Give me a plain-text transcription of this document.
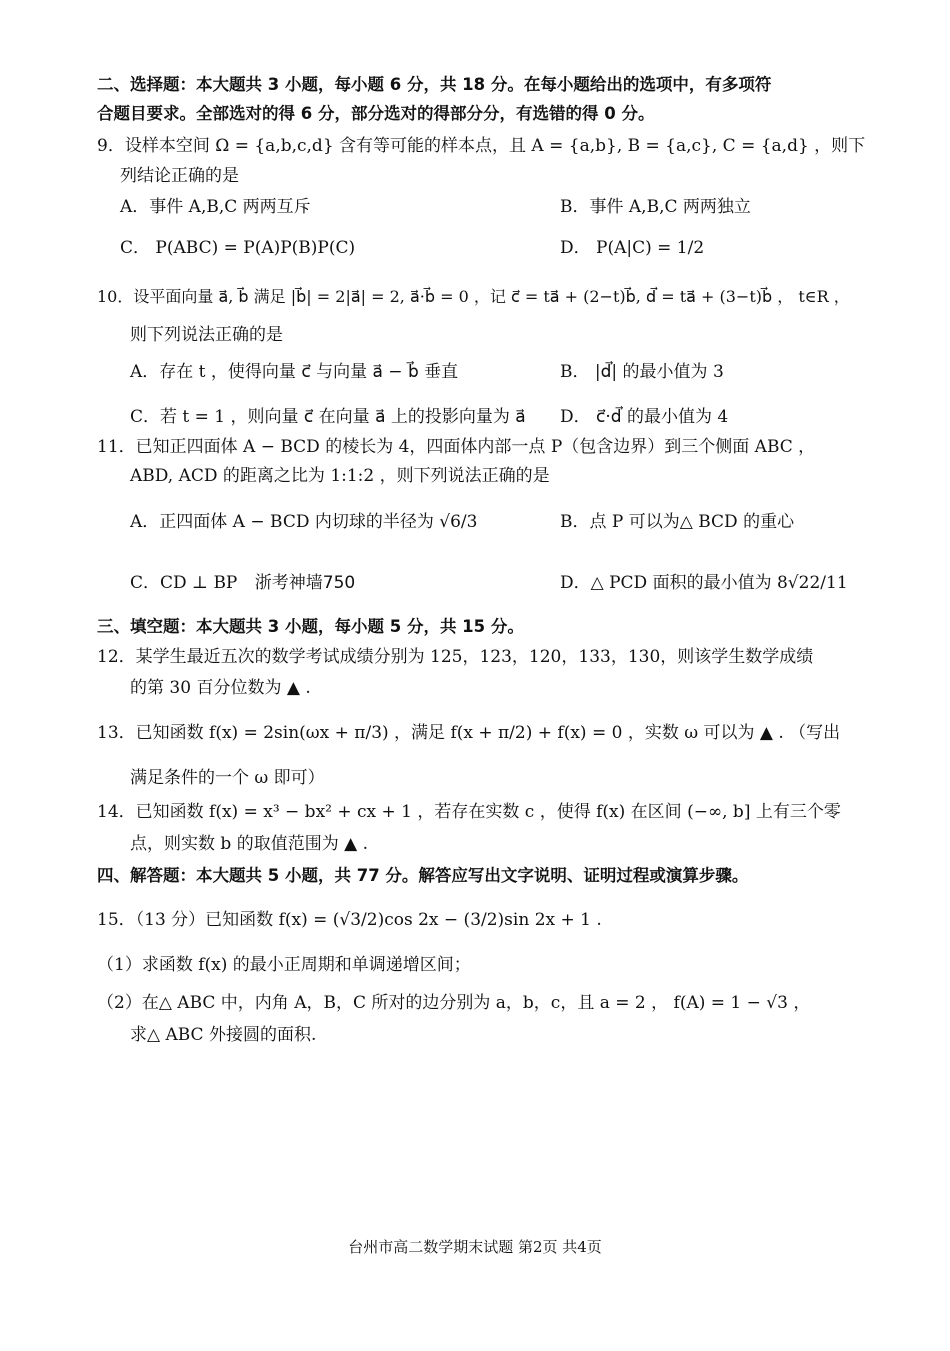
二、选择题：本大题共 3 小题，每小题 6 分，共 18 分。在每小题给出的选项中，有多项符
合题目要求。全部选对的得 6 分，部分选对的得部分分，有选错的得 0 分。
9．设样本空间 Ω = {a,b,c,d} 含有等可能的样本点，且 A = {a,b}, B = {a,c}, C = {a,d} ，则下
列结论正确的是
A．事件 A,B,C 两两互斥	B．事件 A,B,C 两两独立
C． P(ABC) = P(A)P(B)P(C)	D． P(A|C) = 1/2
10．设平面向量 a⃗, b⃗ 满足 |b⃗| = 2|a⃗| = 2, a⃗·b⃗ = 0 ，记 c⃗ = ta⃗ + (2−t)b⃗, d⃗ = ta⃗ + (3−t)b⃗ ， t∈R ，
则下列说法正确的是
A．存在 t ，使得向量 c⃗ 与向量 a⃗ − b⃗ 垂直	B． |d⃗| 的最小值为 3
C．若 t = 1 ，则向量 c⃗ 在向量 a⃗ 上的投影向量为 a⃗ D． c⃗·d⃗ 的最小值为 4
11．已知正四面体 A − BCD 的棱长为 4，四面体内部一点 P（包含边界）到三个侧面 ABC ，
ABD, ACD 的距离之比为 1:1:2 ，则下列说法正确的是
A．正四面体 A − BCD 内切球的半径为 √6/3	B．点 P 可以为△ BCD 的重心
C．CD ⊥ BP 浙考神墙750	D．△ PCD 面积的最小值为 8√22/11
三、填空题：本大题共 3 小题，每小题 5 分，共 15 分。
12．某学生最近五次的数学考试成绩分别为 125，123，120，133，130，则该学生数学成绩
的第 30 百分位数为 ▲ .
13．已知函数 f(x) = 2sin(ωx + π/3) ，满足 f(x + π/2) + f(x) = 0 ，实数 ω 可以为 ▲ . （写出
满足条件的一个 ω 即可）
14．已知函数 f(x) = x³ − bx² + cx + 1 ，若存在实数 c ，使得 f(x) 在区间 (−∞, b] 上有三个零
点，则实数 b 的取值范围为 ▲ .
四、解答题：本大题共 5 小题，共 77 分。解答应写出文字说明、证明过程或演算步骤。
15．（13 分）已知函数 f(x) = (√3/2)cos 2x − (3/2)sin 2x + 1 .
（1）求函数 f(x) 的最小正周期和单调递增区间；
（2）在△ ABC 中，内角 A，B，C 所对的边分别为 a，b，c，且 a = 2 ， f(A) = 1 − √3 ，
求△ ABC 外接圆的面积.
台州市高二数学期末试题 第2页 共4页
